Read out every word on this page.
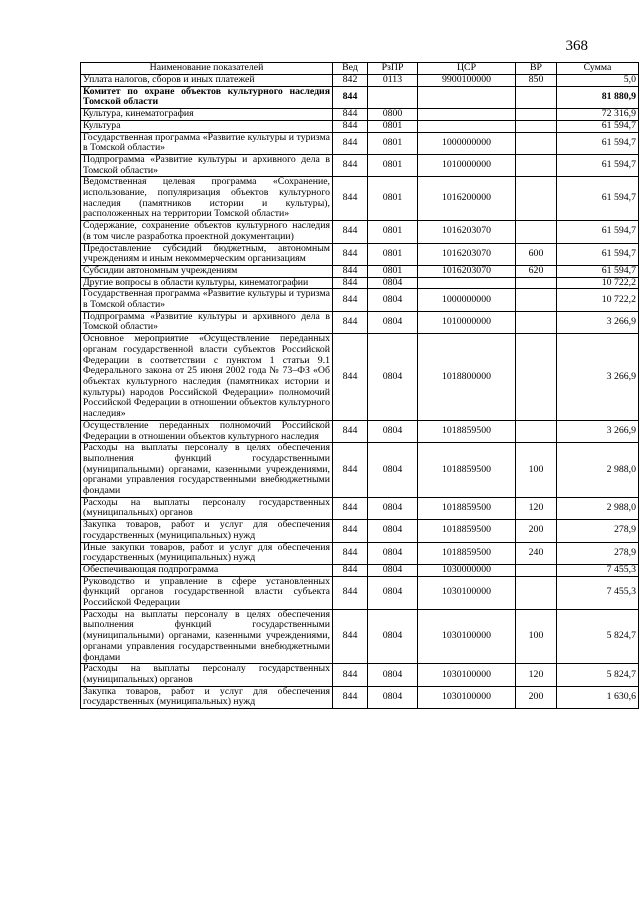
368
Наименование показателей	Вед	РзПР	ЦСР	ВР	Сумма
Уплата налогов, сборов и иных платежей	842	0113	9900100000	850	5,0
Комитет по охране объектов культурного наследия Томской области	844				81 880,9
Культура, кинематография	844	0800			72 316,9
Культура	844	0801			61 594,7
Государственная программа «Развитие культуры и туризма в Томской области»	844	0801	1000000000		61 594,7
Подпрограмма «Развитие культуры и архивного дела в Томской области»	844	0801	1010000000		61 594,7
Ведомственная целевая программа «Сохранение, использование, популяризация объектов культурного наследия (памятников истории и культуры), расположенных на территории Томской области»	844	0801	1016200000		61 594,7
Содержание, сохранение объектов культурного наследия (в том числе разработка проектной документации)	844	0801	1016203070		61 594,7
Предоставление субсидий бюджетным, автономным учреждениям и иным некоммерческим организациям	844	0801	1016203070	600	61 594,7
Субсидии автономным учреждениям	844	0801	1016203070	620	61 594,7
Другие вопросы в области культуры, кинематографии	844	0804			10 722,2
Государственная программа «Развитие культуры и туризма в Томской области»	844	0804	1000000000		10 722,2
Подпрограмма «Развитие культуры и архивного дела в Томской области»	844	0804	1010000000		3 266,9
Основное мероприятие «Осуществление переданных органам государственной власти субъектов Российской Федерации в соответствии с пунктом 1 статьи 9.1 Федерального закона от 25 июня 2002 года № 73–ФЗ «Об объектах культурного наследия (памятниках истории и культуры) народов Российской Федерации» полномочий Российской Федерации в отношении объектов культурного наследия»	844	0804	1018800000		3 266,9
Осуществление переданных полномочий Российской Федерации в отношении объектов культурного наследия	844	0804	1018859500		3 266,9
Расходы на выплаты персоналу в целях обеспечения выполнения функций государственными (муниципальными) органами, казенными учреждениями, органами управления государственными внебюджетными фондами	844	0804	1018859500	100	2 988,0
Расходы на выплаты персоналу государственных (муниципальных) органов	844	0804	1018859500	120	2 988,0
Закупка товаров, работ и услуг для обеспечения государственных (муниципальных) нужд	844	0804	1018859500	200	278,9
Иные закупки товаров, работ и услуг для обеспечения государственных (муниципальных) нужд	844	0804	1018859500	240	278,9
Обеспечивающая подпрограмма	844	0804	1030000000		7 455,3
Руководство и управление в сфере установленных функций органов государственной власти субъекта Российской Федерации	844	0804	1030100000		7 455,3
Расходы на выплаты персоналу в целях обеспечения выполнения функций государственными (муниципальными) органами, казенными учреждениями, органами управления государственными внебюджетными фондами	844	0804	1030100000	100	5 824,7
Расходы на выплаты персоналу государственных (муниципальных) органов	844	0804	1030100000	120	5 824,7
Закупка товаров, работ и услуг для обеспечения государственных (муниципальных) нужд	844	0804	1030100000	200	1 630,6
